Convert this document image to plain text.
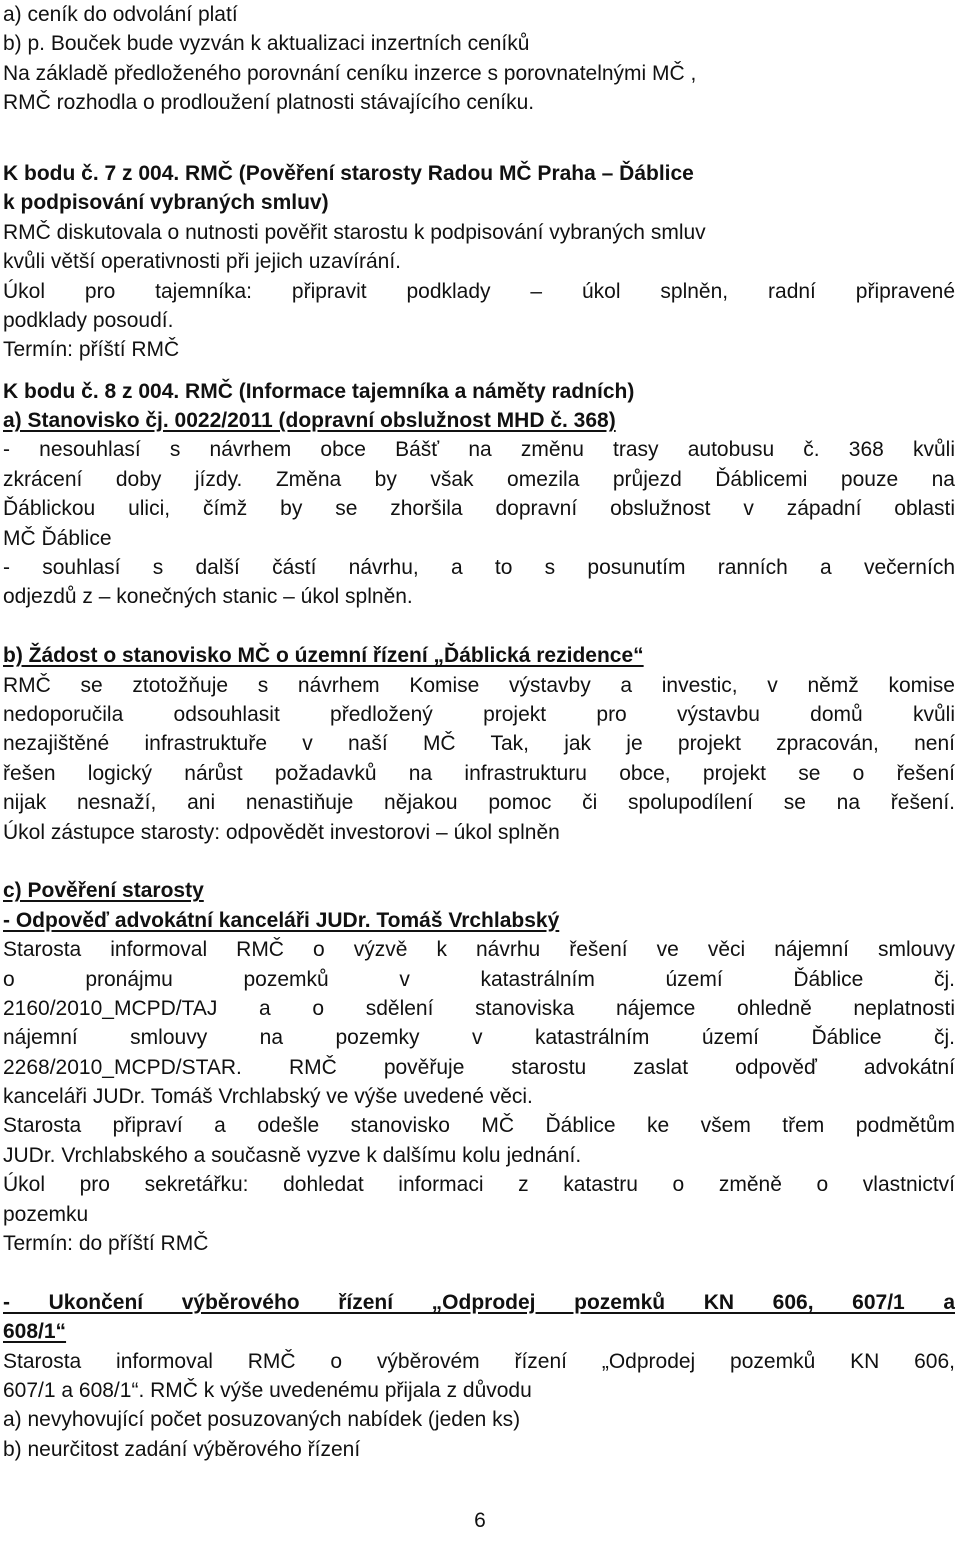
a) ceník do odvolání platí
b) p. Bouček bude vyzván k aktualizaci inzertních ceníků
Na základě předloženého porovnání ceníku inzerce s porovnatelnými MČ ,
RMČ rozhodla o prodloužení platnosti stávajícího ceníku.
K bodu č. 7 z 004. RMČ (Pověření starosty Radou MČ Praha – Ďáblice
k podpisování vybraných smluv)
RMČ diskutovala o nutnosti pověřit starostu k podpisování vybraných smluv
kvůli větší operativnosti při jejich uzavírání.
Úkol pro tajemníka: připravit podklady – úkol splněn, radní připravené
podklady posoudí.
Termín: příští RMČ
K bodu č. 8 z 004. RMČ (Informace tajemníka a náměty radních)
a) Stanovisko čj. 0022/2011 (dopravní obslužnost MHD č. 368)
- nesouhlasí s návrhem obce Bášť na změnu trasy autobusu č. 368 kvůli
zkrácení doby jízdy. Změna by však omezila průjezd Ďáblicemi pouze na
Ďáblickou ulici, čímž by se zhoršila dopravní obslužnost v západní oblasti
MČ Ďáblice
- souhlasí s další částí návrhu, a to s posunutím ranních a večerních
odjezdů z – konečných stanic – úkol splněn.
b) Žádost o stanovisko MČ o územní řízení „Ďáblická rezidence“
RMČ se ztotožňuje s návrhem Komise výstavby a investic, v němž komise
nedoporučila odsouhlasit předložený projekt pro výstavbu domů kvůli
nezajištěné infrastruktuře v naší MČ Tak, jak je projekt zpracován, není
řešen logický nárůst požadavků na infrastrukturu obce, projekt se o řešení
nijak nesnaží, ani nenastiňuje nějakou pomoc či spolupodílení se na řešení.
Úkol zástupce starosty: odpovědět investorovi – úkol splněn
c) Pověření starosty
- Odpověď advokátní kanceláři JUDr. Tomáš Vrchlabský
Starosta informoval RMČ o výzvě k návrhu řešení ve věci nájemní smlouvy
o pronájmu pozemků v katastrálním území Ďáblice čj.
2160/2010_MCPD/TAJ a o sdělení stanoviska nájemce ohledně neplatnosti
nájemní smlouvy na pozemky v katastrálním území Ďáblice čj.
2268/2010_MCPD/STAR. RMČ pověřuje starostu zaslat odpověď advokátní
kanceláři JUDr. Tomáš Vrchlabský ve výše uvedené věci.
Starosta připraví a odešle stanovisko MČ Ďáblice ke všem třem podmětům
JUDr. Vrchlabského a současně vyzve k dalšímu kolu jednání.
Úkol pro sekretářku: dohledat informaci z katastru o změně o vlastnictví
pozemku
Termín: do příští RMČ
- Ukončení výběrového řízení „Odprodej pozemků KN 606, 607/1 a
608/1“
Starosta informoval RMČ o výběrovém řízení „Odprodej pozemků KN 606,
607/1 a 608/1“. RMČ k výše uvedenému přijala z důvodu
a) nevyhovující počet posuzovaných nabídek (jeden ks)
b) neurčitost zadání výběrového řízení
6
